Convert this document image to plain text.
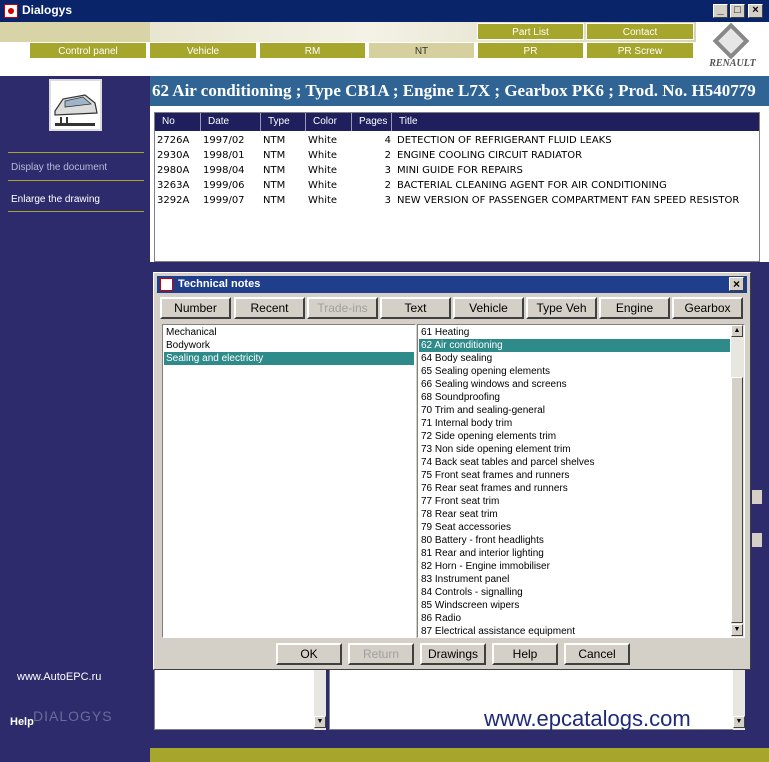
Dialogys	_ □	×
Part List	Contact
Control panel	Vehicle	RM	NT	PR	PR Screw
RENAULT
Display the document
Enlarge the drawing
www.AutoEPC.ru
DIALOGYS
Help
62 Air conditioning ; Type CB1A ; Engine L7X ; Gearbox PK6 ; Prod. No. H540779
No	Date	Type	Color	Pages	Title
2726A 1997/02 NTM White	4 DETECTION OF REFRIGERANT FLUID LEAKS
2930A 1998/01 NTM White	2 ENGINE COOLING CIRCUIT RADIATOR
2980A 1998/04 NTM White	3 MINI GUIDE FOR REPAIRS
3263A 1999/06 NTM White	2 BACTERIAL CLEANING AGENT FOR AIR CONDITIONING
3292A 1999/07 NTM White	3 NEW VERSION OF PASSENGER COMPARTMENT FAN SPEED RESISTOR
▼	▼
www.epcatalogs.com
Technical notes	×
Number	Recent	Trade-ins	Text	Vehicle	Type Veh	Engine	Gearbox
Mechanical
Bodywork
Sealing and electricity
61 Heating
62 Air conditioning
64 Body sealing
65 Sealing opening elements
66 Sealing windows and screens
68 Soundproofing
70 Trim and sealing-general
71 Internal body trim
72 Side opening elements trim
73 Non side opening element trim
74 Back seat tables and parcel shelves
75 Front seat frames and runners
76 Rear seat frames and runners
77 Front seat trim
78 Rear seat trim
79 Seat accessories
80 Battery - front headlights
81 Rear and interior lighting
82 Horn - Engine immobiliser
83 Instrument panel
84 Controls - signalling
85 Windscreen wipers
86 Radio
87 Electrical assistance equipment
▲
▼
OK	Return	Drawings	Help	Cancel
